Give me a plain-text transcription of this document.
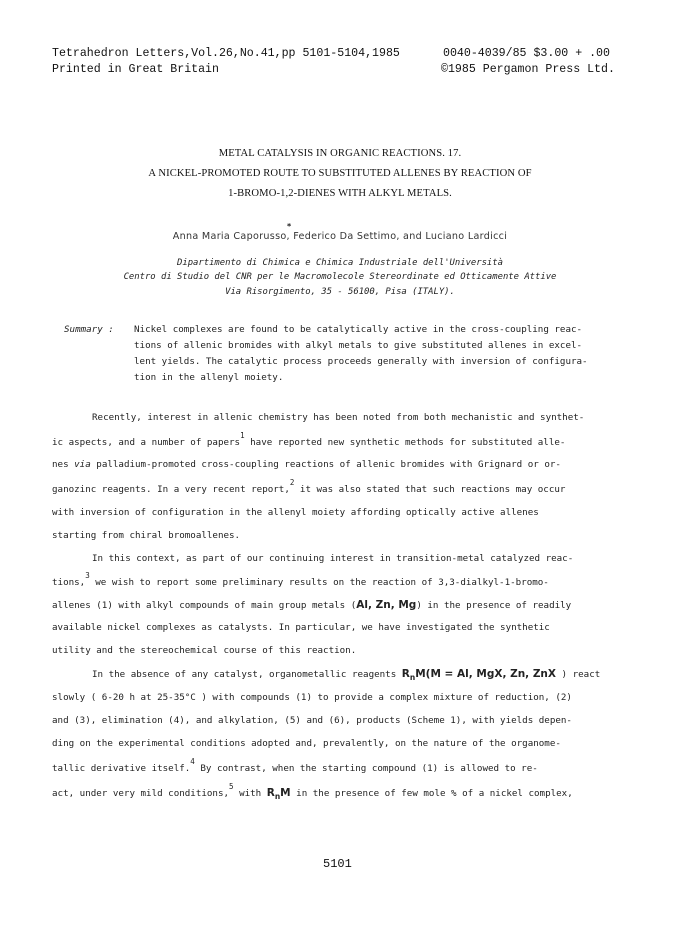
Tetrahedron Letters,Vol.26,No.41,pp 5101-5104,1985	0040-4039/85 $3.00 + .00
Printed in Great Britain	©1985 Pergamon Press Ltd.
METAL CATALYSIS IN ORGANIC REACTIONS. 17.
A NICKEL-PROMOTED ROUTE TO SUBSTITUTED ALLENES BY REACTION OF
1-BROMO-1,2-DIENES WITH ALKYL METALS.
*
Anna Maria Caporusso, Federico Da Settimo, and Luciano Lardicci
Dipartimento di Chimica e Chimica Industriale dell'Università
Centro di Studio del CNR per le Macromolecole Stereordinate ed Otticamente Attive
Via Risorgimento, 35 - 56100, Pisa (ITALY).
Summary : Nickel complexes are found to be catalytically active in the cross-coupling reac-
tions of allenic bromides with alkyl metals to give substituted allenes in excel-
lent yields. The catalytic process proceeds generally with inversion of configura-
tion in the allenyl moiety.
Recently, interest in allenic chemistry has been noted from both mechanistic and synthet-
ic aspects, and a number of papers$^1$ have reported new synthetic methods for substituted alle-
nes via palladium-promoted cross-coupling reactions of allenic bromides with Grignard or or-
ganozinc reagents. In a very recent report,$^2$ it was also stated that such reactions may occur
with inversion of configuration in the allenyl moiety affording optically active allenes
starting from chiral bromoallenes.
In this context, as part of our continuing interest in transition-metal catalyzed reac-
tions,$^3$ we wish to report some preliminary results on the reaction of 3,3-dialkyl-1-bromo-
allenes (1) with alkyl compounds of main group metals (Al, Zn, Mg) in the presence of readily
available nickel complexes as catalysts. In particular, we have investigated the synthetic
utility and the stereochemical course of this reaction.
In the absence of any catalyst, organometallic reagents $R_nM(M = Al$, MgX, Zn, ZnX ) react
slowly ( 6-20 h at 25-35°C ) with compounds (1) to provide a complex mixture of reduction, (2)
and (3), elimination (4), and alkylation, (5) and (6), products (Scheme 1), with yields depen-
ding on the experimental conditions adopted and, prevalently, on the nature of the organome-
tallic derivative itself.$^4$ By contrast, when the starting compound (1) is allowed to re-
act, under very mild conditions,$^5$ with $R_nM$ in the presence of few mole % of a nickel complex,
5101
